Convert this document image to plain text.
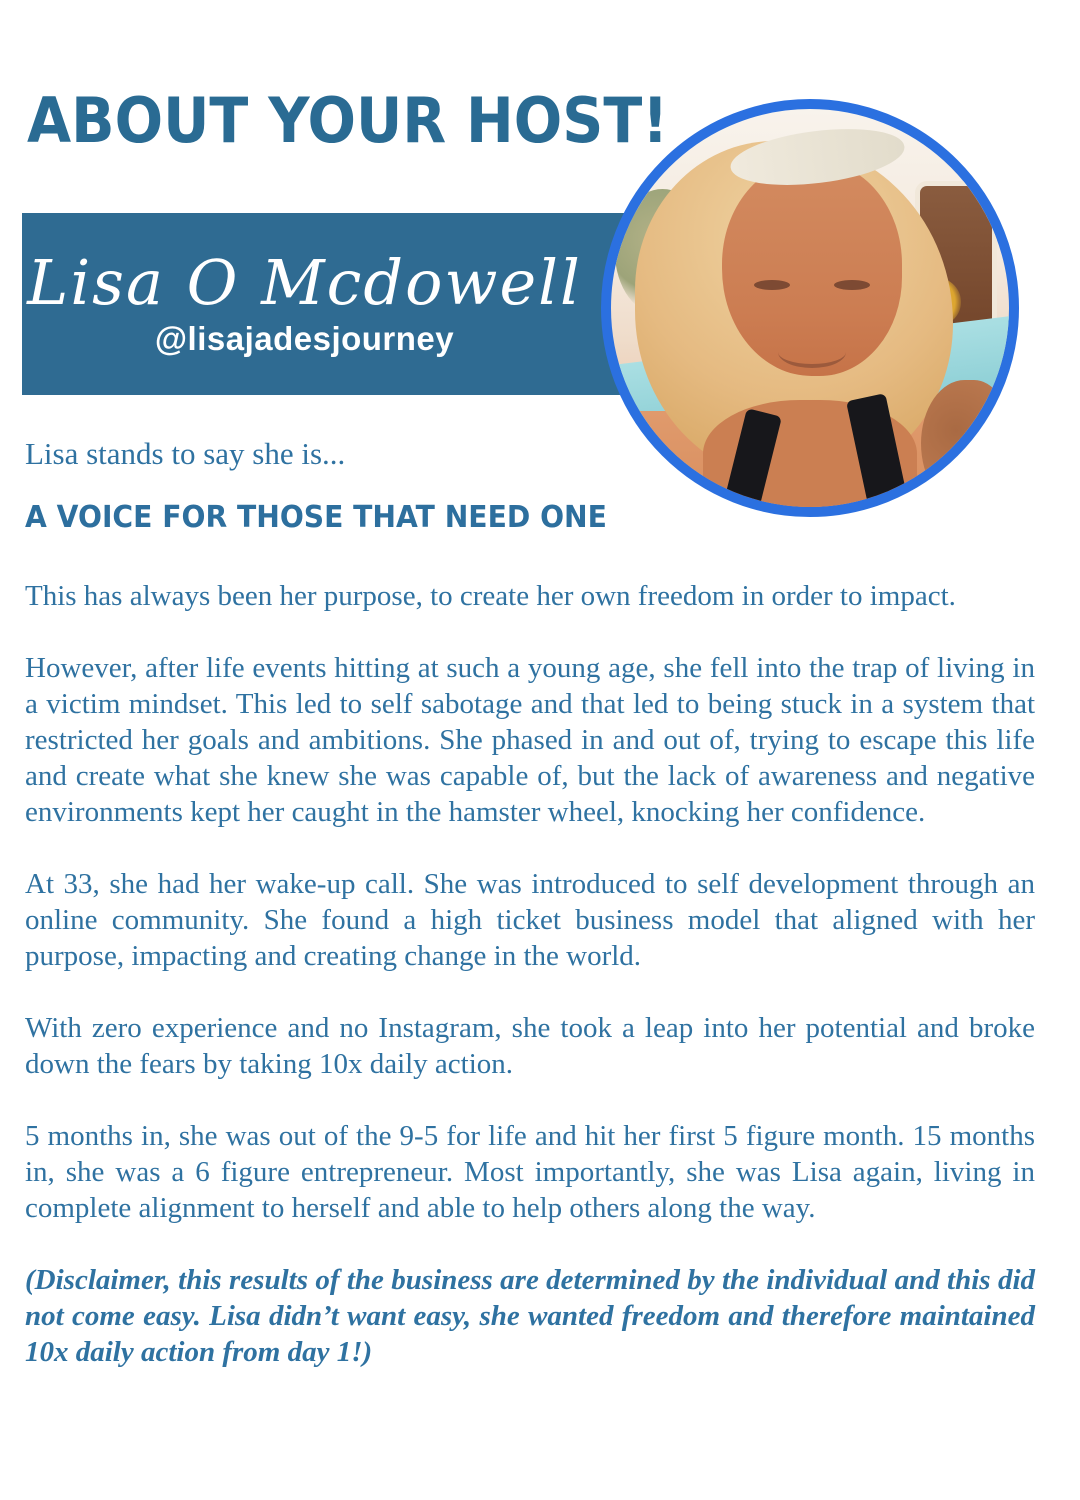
ABOUT YOUR HOST!
Lisa O Mcdowell
@lisajadesjourney
Lisa stands to say she is...
A VOICE FOR THOSE THAT NEED ONE

This has always been her purpose, to create her own freedom in order to impact.

However, after life events hitting at such a young age, she fell into the trap of living in a victim mindset. This led to self sabotage and that led to being stuck in a system that restricted her goals and ambitions. She phased in and out of, trying to escape this life and create what she knew she was capable of, but the lack of awareness and negative environments kept her caught in the hamster wheel, knocking her confidence.

At 33, she had her wake-up call. She was introduced to self development through an online community. She found a high ticket business model that aligned with her purpose, impacting and creating change in the world.

With zero experience and no Instagram, she took a leap into her potential and broke down the fears by taking 10x daily action.

5 months in, she was out of the 9-5 for life and hit her first 5 figure month. 15 months in, she was a 6 figure entrepreneur. Most importantly, she was Lisa again, living in complete alignment to herself and able to help others along the way.

(Disclaimer, this results of the business are determined by the individual and this did not come easy. Lisa didn’t want easy, she wanted freedom and therefore maintained 10x daily action from day 1!)
